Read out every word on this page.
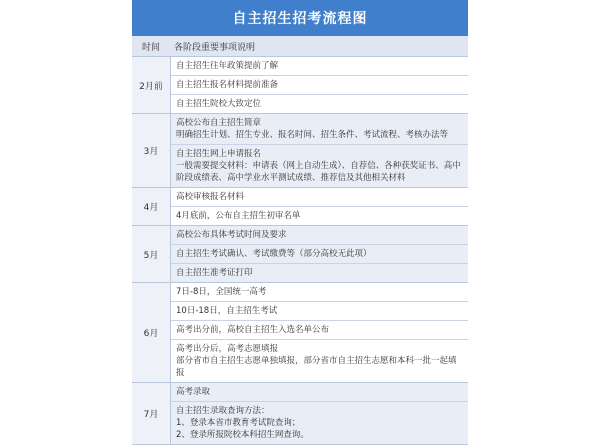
自主招生招考流程图
时间	各阶段重要事项说明
2月前
自主招生往年政策提前了解
自主招生报名材料提前准备
自主招生院校大致定位
3月
高校公布自主招生简章
明确招生计划、招生专业、报名时间、招生条件、考试流程、考核办法等
自主招生网上申请报名
一般需要提交材料：申请表（网上自动生成）、自荐信、各种获奖证书、高中阶段成绩表、高中学业水平测试成绩、推荐信及其他相关材料
4月
高校审核报名材料
4月底前，公布自主招生初审名单
5月
高校公布具体考试时间及要求
自主招生考试确认、考试缴费等（部分高校无此项）
自主招生准考证打印
6月
7日-8日，全国统一高考
10日-18日，自主招生考试
高考出分前，高校自主招生入选名单公布
高考出分后，高考志愿填报
部分省市自主招生志愿单独填报，部分省市自主招生志愿和本科一批一起填报
7月
高考录取
自主招生录取查询方法：
1、登录本省市教育考试院查询；
2、登录所报院校本科招生网查询。
